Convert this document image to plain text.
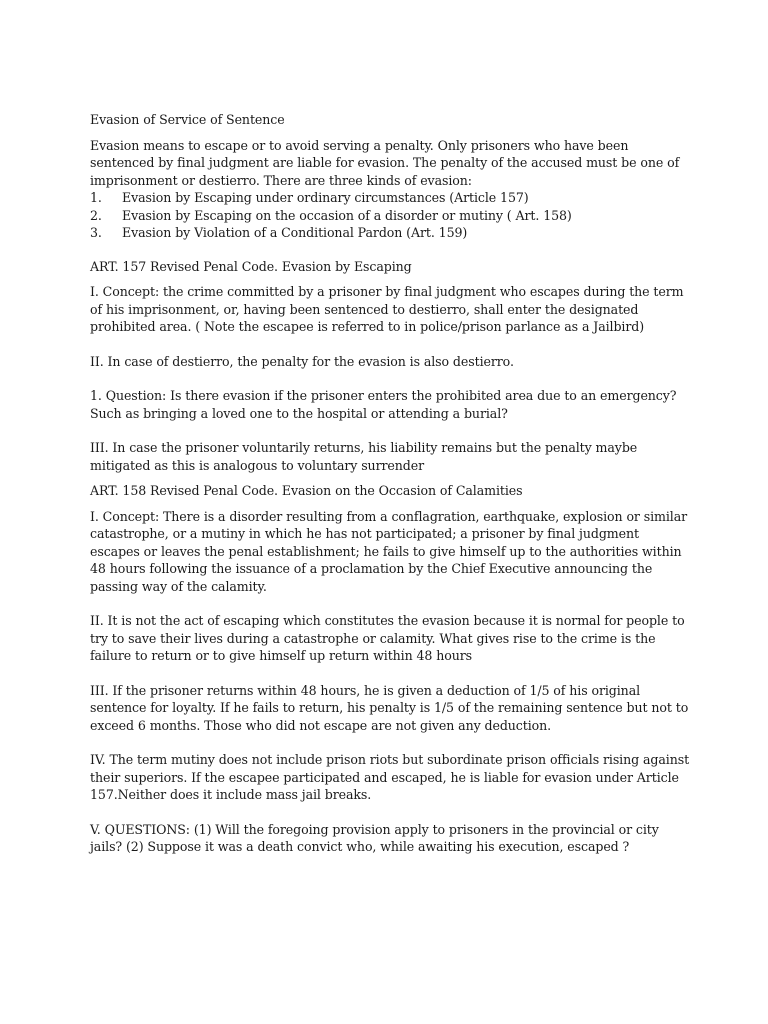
Evasion of Service of Sentence

Evasion means to escape or to avoid serving a penalty. Only prisoners who have been sentenced by final judgment are liable for evasion. The penalty of the accused must be one of imprisonment or destierro. There are three kinds of evasion:

1.	Evasion by Escaping under ordinary circumstances (Article 157)
2.	Evasion by Escaping on the occasion of a disorder or mutiny ( Art. 158)
3.	Evasion by Violation of a Conditional Pardon (Art. 159)

ART. 157 Revised Penal Code. Evasion by Escaping

I. Concept: the crime committed by a prisoner by final judgment who escapes during the term of his imprisonment, or, having been sentenced to destierro, shall enter the designated prohibited area. ( Note the escapee is referred to in police/prison parlance as a Jailbird)

II. In case of destierro, the penalty for the evasion is also destierro.

1. Question: Is there evasion if the prisoner enters the prohibited area due to an emergency? Such as bringing a loved one to the hospital or attending a burial?

III. In case the prisoner voluntarily returns, his liability remains but the penalty maybe mitigated as this is analogous to voluntary surrender

ART. 158 Revised Penal Code. Evasion on the Occasion of Calamities

I. Concept: There is a disorder resulting from a conflagration, earthquake, explosion or similar catastrophe, or a mutiny in which he has not participated; a prisoner by final judgment escapes or leaves the penal establishment; he fails to give himself up to the authorities within 48 hours following the issuance of a proclamation by the Chief Executive announcing the passing way of the calamity.

II. It is not the act of escaping which constitutes the evasion because it is normal for people to try to save their lives during a catastrophe or calamity. What gives rise to the crime is the failure to return or to give himself up return within 48 hours

III. If the prisoner returns within 48 hours, he is given a deduction of 1/5 of his original sentence for loyalty. If he fails to return, his penalty is 1/5 of the remaining sentence but not to exceed 6 months. Those who did not escape are not given any deduction.

IV. The term mutiny does not include prison riots but subordinate prison officials rising against their superiors. If the escapee participated and escaped, he is liable for evasion under Article 157.Neither does it include mass jail breaks.

V. QUESTIONS: (1) Will the foregoing provision apply to prisoners in the provincial or city jails? (2) Suppose it was a death convict who, while awaiting his execution, escaped ?
